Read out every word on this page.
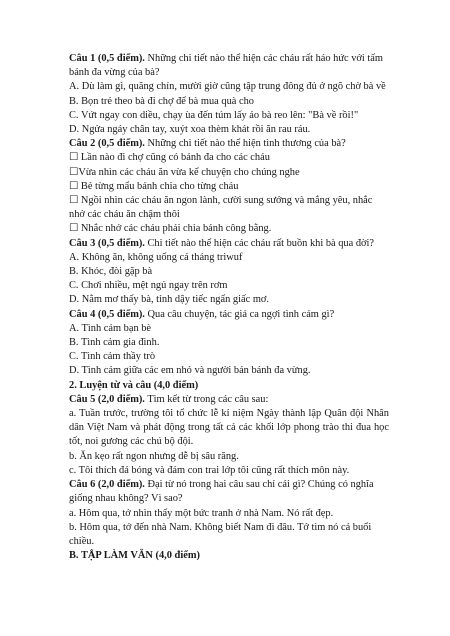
Câu 1 (0,5 điểm). Những chi tiết nào thể hiện các cháu rất háo hức với tấm bánh đa vừng của bà?

A. Dù làm gì, quãng chín, mười giờ cũng tập trung đông đủ ở ngõ chờ bà về

B. Bọn trẻ theo bà đi chợ để bà mua quà cho

C. Vứt ngay con diều, chạy ùa đến túm lấy áo bà reo lên: "Bà về rồi!"

D. Ngửa ngáy chân tay, xuýt xoa thèm khát rồi ăn rau ráu.

Câu 2 (0,5 điểm). Những chi tiết nào thể hiện tình thương của bà?

☐ Lần nào đi chợ cũng có bánh đa cho các cháu

☐Vừa nhìn các cháu ăn vừa kể chuyện cho chúng nghe

☐ Bẻ từng mẩu bánh chia cho từng cháu

☐ Ngồi nhìn các cháu ăn ngon lành, cười sung sướng và mắng yêu, nhắc nhở các cháu ăn chậm thôi

☐ Nhắc nhở các cháu phải chia bánh công bằng.

Câu 3 (0,5 điểm). Chi tiết nào thể hiện các cháu rất buồn khi bà qua đời?

A. Không ăn, không uống cả tháng triwuf

B. Khóc, đòi gặp bà

C. Chơi nhiều, mệt ngủ ngay trên rơm

D. Nằm mơ thấy bà, tỉnh dậy tiếc ngẩn giấc mơ.

Câu 4 (0,5 điểm). Qua câu chuyện, tác giả ca ngợi tình cảm gì?

A. Tình cảm bạn bè

B. Tình cảm gia đình.

C. Tình cảm thầy trò

D. Tình cảm giữa các em nhỏ và người bán bánh đa vừng.

2. Luyện từ và câu (4,0 điểm)

Câu 5 (2,0 điểm). Tìm kết từ trong các câu sau:

a. Tuần trước, trường tôi tổ chức lễ kỉ niệm Ngày thành lập Quân đội Nhân dân Việt Nam và phát động trong tất cả các khối lớp phong trào thi đua học tốt, noi gương các chú bộ đội.

b. Ăn kẹo rất ngon nhưng dễ bị sâu răng.

c. Tôi thích đá bóng và đám con trai lớp tôi cũng rất thích môn này.

Câu 6 (2,0 điểm). Đại từ nó trong hai câu sau chỉ cái gì? Chúng có nghĩa giống nhau không? Vì sao?

a. Hôm qua, tớ nhìn thấy một bức tranh ở nhà Nam. Nó rất đẹp.

b. Hôm qua, tớ đến nhà Nam. Không biết Nam đi đâu. Tớ tìm nó cả buổi chiều.

B. TẬP LÀM VĂN (4,0 điểm)
